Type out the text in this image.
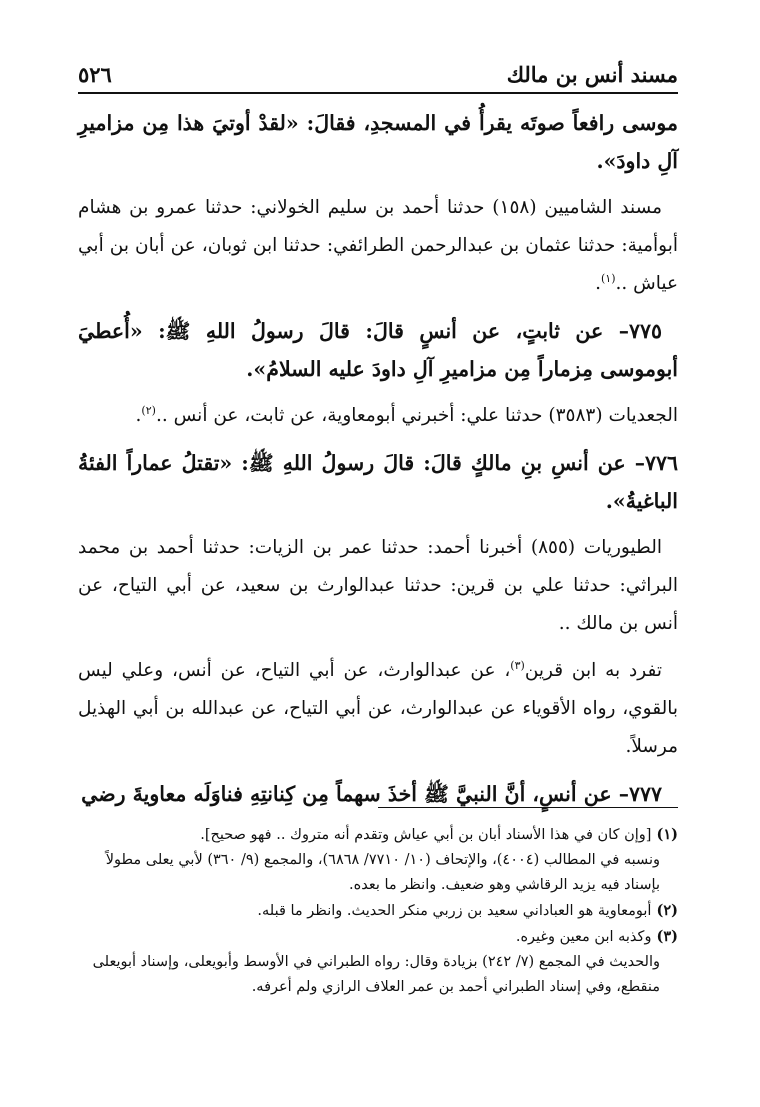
مسند أنس بن مالك
٥٢٦

موسى رافعاً صوتَه يقرأُ في المسجدِ، فقالَ: «لقدْ أوتيَ هذا مِن مزاميرِ آلِ داودَ».

مسند الشاميين (١٥٨) حدثنا أحمد بن سليم الخولاني: حدثنا عمرو بن هشام أبوأمية: حدثنا عثمان بن عبدالرحمن الطرائفي: حدثنا ابن ثوبان، عن أبان بن أبي عياش ..$^{(١)}$.

٧٧٥– عن ثابتٍ، عن أنسٍ قالَ: قالَ رسولُ اللهِ ﷺ: «أُعطيَ أبوموسى مِزماراً مِن مزاميرِ آلِ داودَ عليه السلامُ».

الجعديات (٣٥٨٣) حدثنا علي: أخبرني أبومعاوية، عن ثابت، عن أنس ..$^{(٢)}$.

٧٧٦– عن أنسِ بنِ مالكٍ قالَ: قالَ رسولُ اللهِ ﷺ: «تقتلُ عماراً الفئةُ الباغيةُ».

الطيوريات (٨٥٥) أخبرنا أحمد: حدثنا عمر بن الزيات: حدثنا أحمد بن محمد البراثي: حدثنا علي بن قرين: حدثنا عبدالوارث بن سعيد، عن أبي التياح، عن أنس بن مالك ..

تفرد به ابن قرين$^{(٣)}$، عن عبدالوارث، عن أبي التياح، عن أنس، وعلي ليس بالقوي، رواه الأقوياء عن عبدالوارث، عن أبي التياح، عن عبدالله بن أبي الهذيل مرسلاً.

٧٧٧– عن أنسٍ، أنَّ النبيَّ ﷺ أخذَ سهماً مِن كِنانتِهِ فناوَلَه معاويةَ رضي

(١)[وإن كان في هذا الأسناد أبان بن أبي عياش وتقدم أنه متروك .. فهو صحيح].

ونسبه في المطالب (٤٠٠٤)، والإتحاف (١٠/ ٧٧١٠/ ٦٨٦٨)، والمجمع (٩/ ٣٦٠) لأبي يعلى مطولاً بإسناد فيه يزيد الرقاشي وهو ضعيف. وانظر ما بعده.

(٢)أبومعاوية هو العباداني سعيد بن زربي منكر الحديث. وانظر ما قبله.

(٣)وكذبه ابن معين وغيره.

والحديث في المجمع (٧/ ٢٤٢) بزيادة وقال: رواه الطبراني في الأوسط وأبويعلى، وإسناد أبويعلى منقطع، وفي إسناد الطبراني أحمد بن عمر العلاف الرازي ولم أعرفه.
